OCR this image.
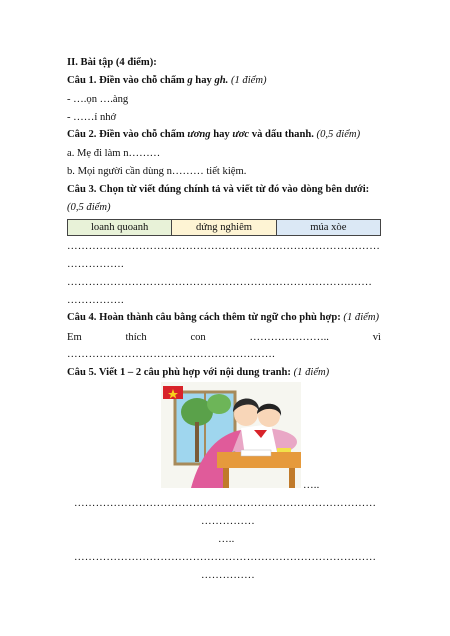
II. Bài tập (4 điểm):
Câu 1. Điền vào chỗ chấm g hay gh. (1 điểm)
- ….ọn ….àng
- ……ỉ nhớ
Câu 2. Điền vào chỗ chấm ương hay ươc và dấu thanh. (0,5 điểm)
a. Mẹ đi làm n………
b. Mọi người cần dùng n……… tiết kiệm.
Câu 3. Chọn từ viết đúng chính tả và viết từ đó vào dòng bên dưới:
(0,5 điểm)
loanh quoanh	dứng nghiêm	múa xòe
……………………………………………………………………………
…………….
…………………………………………………………………….……
…………….
Câu 4. Hoàn thành câu bằng cách thêm từ ngữ cho phù hợp: (1 điểm)
Em	thích	con	…………………..	vì
………………………………………………….
Câu 5. Viết 1 – 2 câu phù hợp với nội dung tranh: (1 điểm)
…..
…………………………………………………………………………
……………
…..
…………………………………………………………………………
……………
